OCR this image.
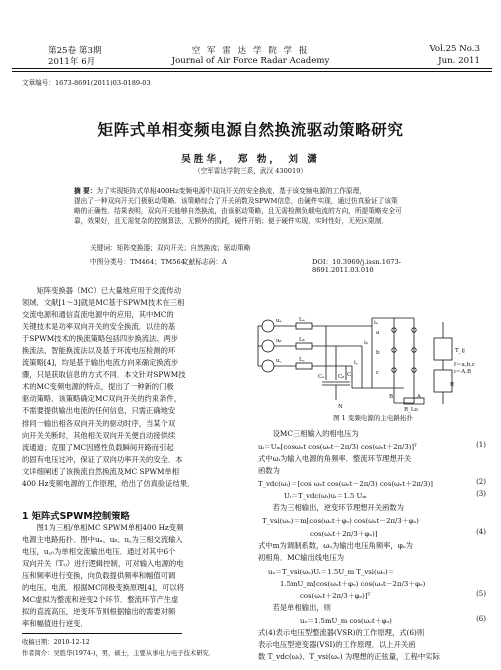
第25卷 第3期
2011年 6月
空 军 雷 达 学 院 学 报
Journal of Air Force Radar Academy
Vol.25 No.3
Jun. 2011
文章编号：1673-8691(2011)03-0189-03
矩阵式单相变频电源自然换流驱动策略研究
吴胜华， 郑 勃， 刘 潇
（空军雷达学院三系，武汉 430019）
摘 要：为了实现矩阵式单相400Hz变频电源中双向开关的安全换流，基于该变频电源的工作原理，
提出了一种双向开关门极驱动策略．该策略综合了开关函数及SPWM信息，由硬件实现，通过仿真验证了该策
略的正确性．结果表明，双向开关能够自然换流，由该驱动策略，且无需检测负载电流的方向，所提策略安全可
靠，效果好，且无需复杂的控制算法，无额外的损耗，硬件开销；便于硬件实现，实时性好，无死区限制．
关键词：矩阵变换器；双向开关；自然换流；驱动策略
中图分类号：TM464；TM564
文献标志码：A	DOI：10.3969/j.issn.1673-8691.2011.03.010
矩阵变换器（MC）已大量地应用于交流传动
领域．文献[1～3]就是MC基于SPWM技术在三相
交流电源和通信直流电源中的应用，其中MC的
关键技术是功率双向开关的安全换流．以往的基
于SPWM技术的换流策略包括四步换流法、两步
换流法、智能换流法以及基于环流电压检测的环
流策略[4]，均是基于输出电流方向来确定换流步
骤，只是获取信息的方式不同．本文针对SPWM技
术的MC变频电源的特点，提出了一种新的门极
驱动策略．该策略确定MC双向开关的约束条件，
不需要提供输出电流的任何信息，只需正确地安
排同一输出相各双向开关的驱动时序，当某个双
向开关关断时，其他相关双向开关便自动接供续
流通道；克服了MC因感性负载瞬间开路而引起
的固有电压过冲，保证了双向功率开关的安全．本
文详细阐述了该换流自然换流及MC SPWM单相
400 Hz变频电源的工作原理，给出了仿真验证结果．
1 矩阵式SPWM控制策略
图1为三相/单相MC SPWM单相400 Hz变频
电源主电路拓扑．图中uₐ、uᵦ、u꜀为三相交流输入
电压，u꜀₀为单相交流输出电压．通过对其中6个
双向开关（Tᵢⱼ）进行逻辑控制，可对输入电源的电
压和频率进行变换，向负载提供频率和幅值可调
的电压、电流．根据MC同极变换原理[4]，可以将
MC虚拟为整流和逆变2个环节．整流环节产生虚
拟的直流高压，逆变环节则根据输出的需要对频
率和幅值进行逆变．
收稿日期：2010-12-12
作者简介：吴胜华(1974-)，男，硕士，主要从事电力电子技术研究．
uₐ
uᵦ
u꜀
Lₐ
Lᵦ
L꜀
Cₐ Cᵦ C꜀
iₐ
iᵦ
i꜀
a
b
c
N
B	A
R_Lo
T_ij
f＝a,b,c
i＝A,B
R
图 1 变频电源的主电路拓扑

设MC三相输入的相电压为

uᵢ＝Uₘ[cosωₑt cos(ωₑt－2π/3) cos(ωₑt＋2π/3)]ᵀ	(1)
式中ωᵢ为输入电源的角频率．整流环节理想开关
函数为
T_vdc(ωᵢ)＝[cos ωₑt cos(ωₑt－2π/3) cos(ωₑt＋2π/3)]	(2)
Uᵢ＝T_vdc(ωᵢ)uᵢ＝1.5 Uₘ	(3)

若为三相输出，逆变环节理想开关函数为

T_vsi(ωₒ)＝m[cos(ωₒt＋φₒ) cos(ωₒt－2π/3＋φₒ)
cos(ωₒt＋2π/3＋φₒ)]	(4)
式中m为调制系数，ωₒ为输出电压角频率，φₒ为
初相角．MC输出线电压为
uₒ＝T_vsi(ωₒ)Uᵢ＝1.5U_m T_vsi(ωₒ)＝
1.5mU_m[cos(ωₒt＋φₒ) cos(ωₒt－2π/3＋φₒ)
cos(ωₒt＋2π/3＋φₒ)]ᵀ	(5)

若是单相输出，则

uₒ＝1.5mU_m cos(ωₒt＋φₒ)	(6)
式(4)表示电压型整流器(VSR)的工作原理，式(6)则
表示电压型逆变器(VSI)的工作原理．以上开关函
数 T_vdc(ωᵢ)、T_vsi(ωₒ) 为理想的正弦量，工程中实际
